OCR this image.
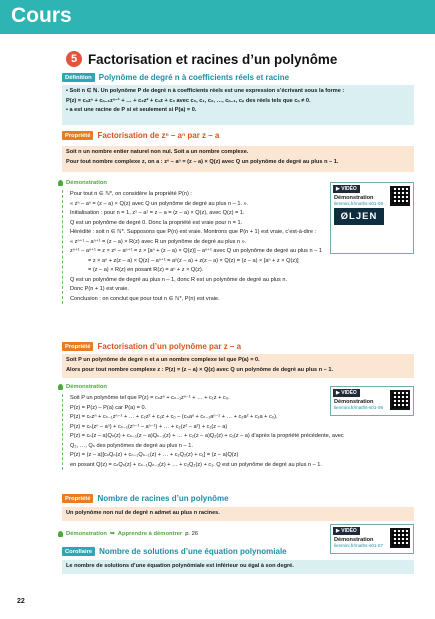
Cours
5 Factorisation et racines d’un polynôme
Définition Polynôme de degré n à coefficients réels et racine

• Soit n ∈ ℕ. Un polynôme P de degré n à coefficients réels est une expression s’écrivant sous la forme :

P(z) = cₙzⁿ + cₙ₋₁zⁿ⁻¹ + … + c₂z² + c₁z + c₀ avec c₀, c₁, c₂, …, cₙ₋₁, cₙ des réels tels que cₙ ≠ 0.

• a est une racine de P si et seulement si P(a) = 0.

Propriété Factorisation de zⁿ – aⁿ par z – a

Soit n un nombre entier naturel non nul. Soit a un nombre complexe.

Pour tout nombre complexe z, on a : zⁿ – aⁿ = (z – a) × Q(z) avec Q un polynôme de degré au plus n – 1.

Démonstration

Pour tout n ∈ ℕ*, on considère la propriété P(n) :

« zⁿ – aⁿ = (z – a) × Q(z) avec Q un polynôme de degré au plus n – 1. ».

Initialisation : pour n = 1, z¹ – a¹ = z – a = (z – a) × Q(z), avec Q(z) = 1.

Q est un polynôme de degré 0. Donc la propriété est vraie pour n = 1.

Hérédité : soit n ∈ ℕ*. Supposons que P(n) est vraie. Montrons que P(n + 1) est vraie, c’est-à-dire :

« zⁿ⁺¹ – aⁿ⁺¹ = (z – a) × R(z) avec R un polynôme de degré au plus n ».

zⁿ⁺¹ – aⁿ⁺¹ = z × zⁿ – aⁿ⁺¹ = z × [aⁿ + (z – a) × Q(z)] – aⁿ⁺¹ avec Q un polynôme de degré au plus n – 1

= z × aⁿ + z(z – a) × Q(z) – aⁿ⁺¹ = aⁿ(z – a) + z(z – a) × Q(z) = (z – a) × [aⁿ + z × Q(z)]

= (z – a) × R(z) en posant R(z) = aⁿ + z × Q(z).

Q est un polynôme de degré au plus n – 1, donc R est un polynôme de degré au plus n.

Donc P(n + 1) est vraie.

Conclusion : on conclut que pour tout n ∈ ℕ*, P(n) est vraie.

▶ VIDÉO
Démonstration
lienmini.fr/maths-s01-06
ØLJEN
Propriété Factorisation d’un polynôme par z – a

Soit P un polynôme de degré n et a un nombre complexe tel que P(a) = 0.

Alors pour tout nombre complexe z : P(z) = (z – a) × Q(z) avec Q un polynôme de degré au plus n – 1.

Démonstration

Soit P un polynôme tel que P(z) = cₙzⁿ + cₙ₋₁zⁿ⁻¹ + … + c₁z + c₀.

P(z) = P(z) – P(a) car P(a) = 0.

P(z) = cₙzⁿ + cₙ₋₁zⁿ⁻¹ + … + c₂z² + c₁z + c₀ – (cₙaⁿ + cₙ₋₁aⁿ⁻¹ + … + c₂a² + c₁a + c₀).

P(z) = cₙ(zⁿ – aⁿ) + cₙ₋₁(zⁿ⁻¹ – aⁿ⁻¹) + … + c₂(z² – a²) + c₁(z – a)

P(z) = cₙ(z – a)Qₙ(z) + cₙ₋₁(z – a)Qₙ₋₁(z) + … + c₂(z – a)Q₂(z) + c₁(z – a) d’après la propriété précédente, avec

Q₂, …, Qₙ des polynômes de degré au plus n – 1.

P(z) = (z – a)[cₙQₙ(z) + cₙ₋₁Qₙ₋₁(z) + … + c₂Q₂(z) + c₁] = (z – a)Q(z)

en posant Q(z) = cₙQₙ(z) + cₙ₋₁Qₙ₋₁(z) + … + c₂Q₂(z) + c₁. Q est un polynôme de degré au plus n – 1.

▶ VIDÉO
Démonstration
lienmini.fr/maths-s01-06
Propriété Nombre de racines d’un polynôme

Un polynôme non nul de degré n admet au plus n racines.

Démonstration ➥ Apprendre à démontrer p. 26	▶ VIDÉO
Démonstration
lienmini.fr/maths-s01-07
Corollaire Nombre de solutions d’une équation polynomiale

Le nombre de solutions d’une équation polynômiale est inférieur ou égal à son degré.

22
